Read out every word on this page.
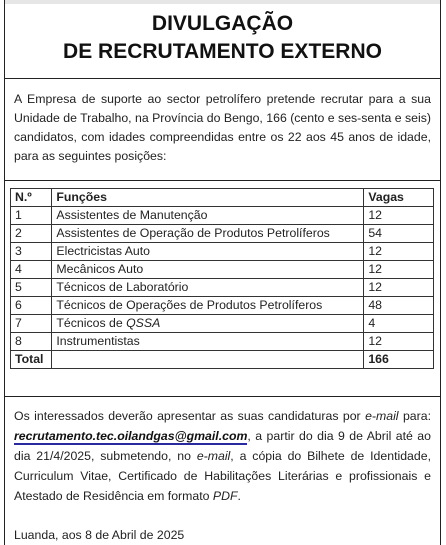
DIVULGAÇÃO
DE RECRUTAMENTO EXTERNO
A Empresa de suporte ao sector petrolífero pretende recrutar para a sua Unidade de Trabalho, na Província do Bengo, 166 (cento e ses-senta e seis) candidatos, com idades compreendidas entre os 22 aos 45 anos de idade, para as seguintes posições:
N.º	Funções	Vagas
1	Assistentes de Manutenção	12
2	Assistentes de Operação de Produtos Petrolíferos	54
3	Electricistas Auto	12
4	Mecânicos Auto	12
5	Técnicos de Laboratório	12
6	Técnicos de Operações de Produtos Petrolíferos	48
7	Técnicos de QSSA	4
8	Instrumentistas	12
Total		166
Os interessados deverão apresentar as suas candidaturas por e-mail para: recrutamento.tec.oilandgas@gmail.com, a partir do dia 9 de Abril até ao dia 21/4/2025, submetendo, no e-mail, a cópia do Bilhete de Identidade, Curriculum Vitae, Certificado de Habilitações Literárias e profissionais e Atestado de Residência em formato PDF.
Luanda, aos 8 de Abril de 2025
